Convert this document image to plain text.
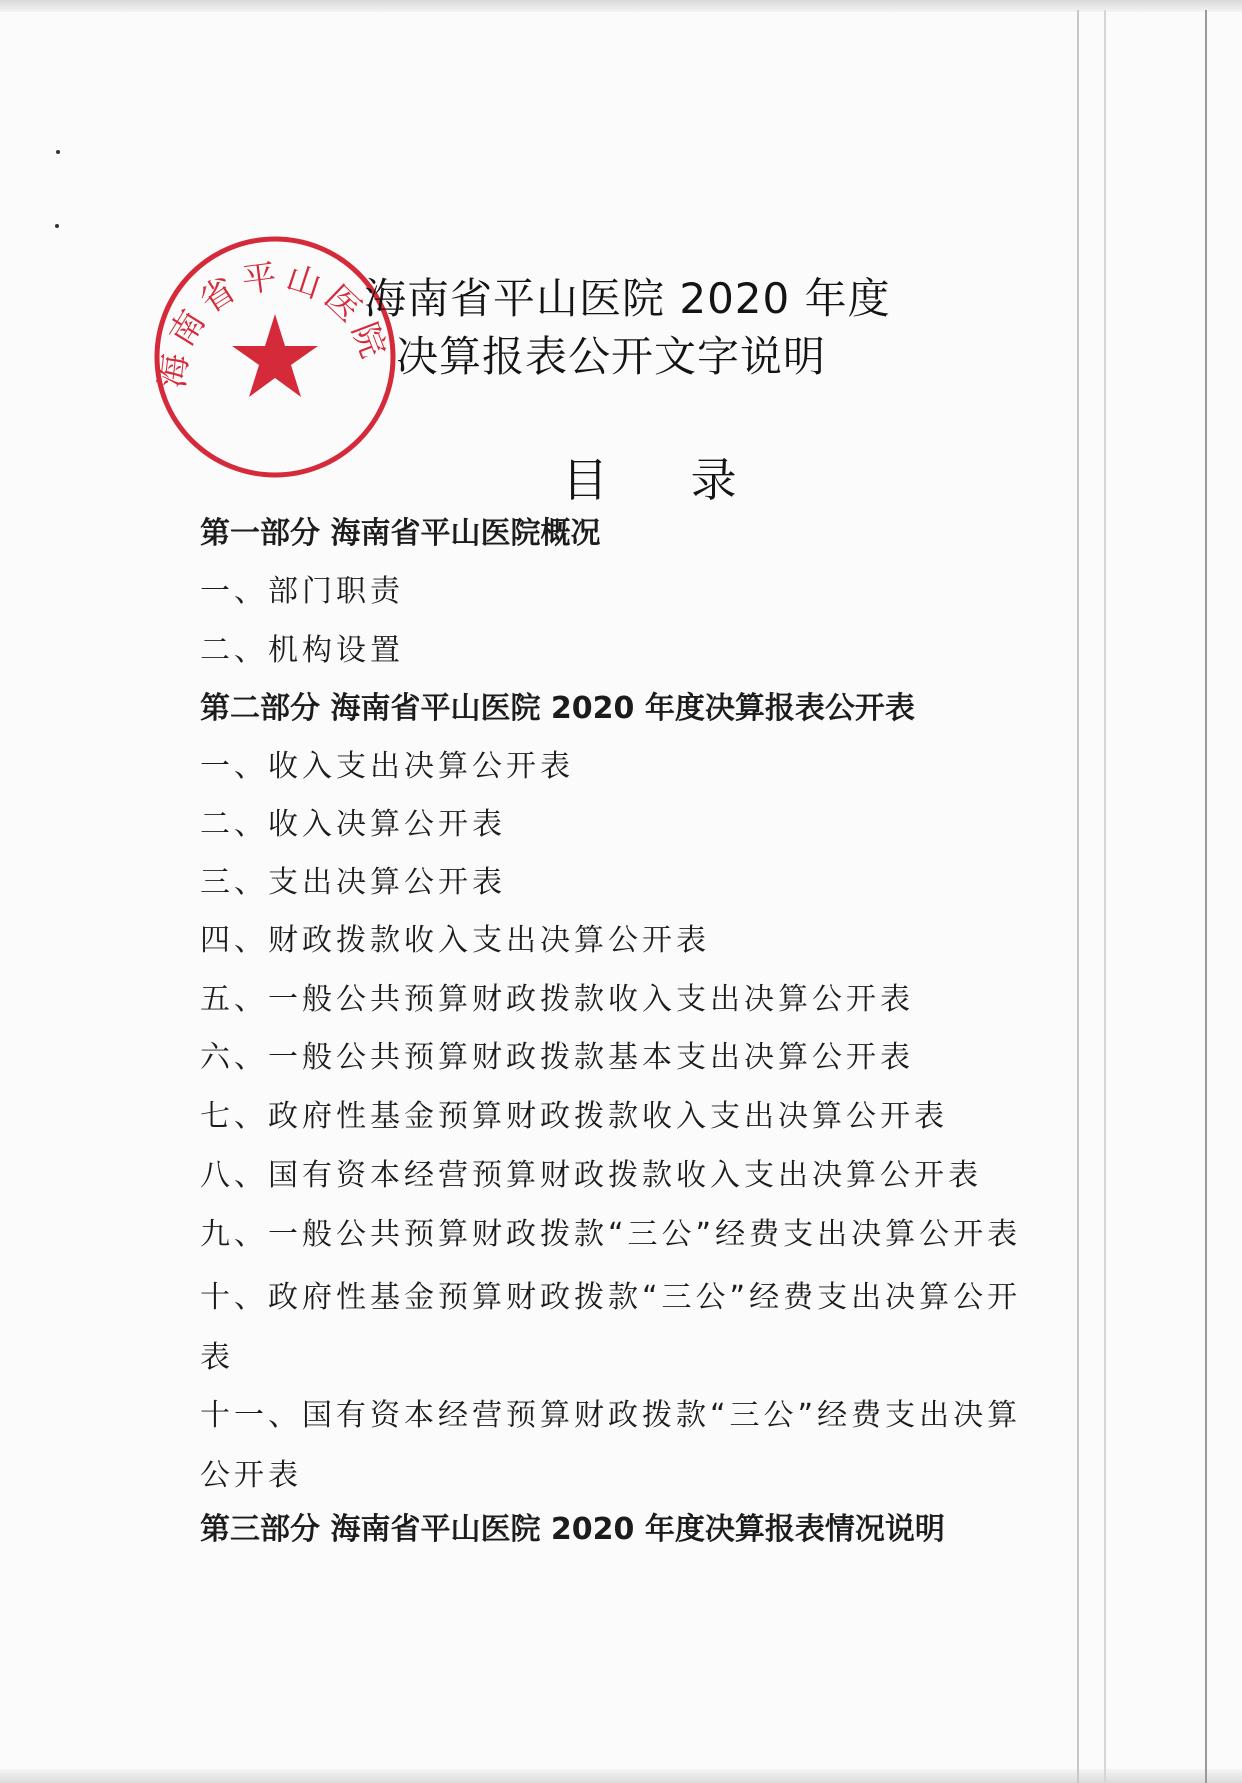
海南省平山医院
海南省平山医院 2020 年度
决算报表公开文字说明
目 录
第一部分 海南省平山医院概况
一、部门职责
二、机构设置
第二部分 海南省平山医院 2020 年度决算报表公开表
一、收入支出决算公开表
二、收入决算公开表
三、支出决算公开表
四、财政拨款收入支出决算公开表
五、一般公共预算财政拨款收入支出决算公开表
六、一般公共预算财政拨款基本支出决算公开表
七、政府性基金预算财政拨款收入支出决算公开表
八、国有资本经营预算财政拨款收入支出决算公开表
九、一般公共预算财政拨款“三公”经费支出决算公开表
十、政府性基金预算财政拨款“三公”经费支出决算公开表
十一、国有资本经营预算财政拨款“三公”经费支出决算公开表
第三部分 海南省平山医院 2020 年度决算报表情况说明
